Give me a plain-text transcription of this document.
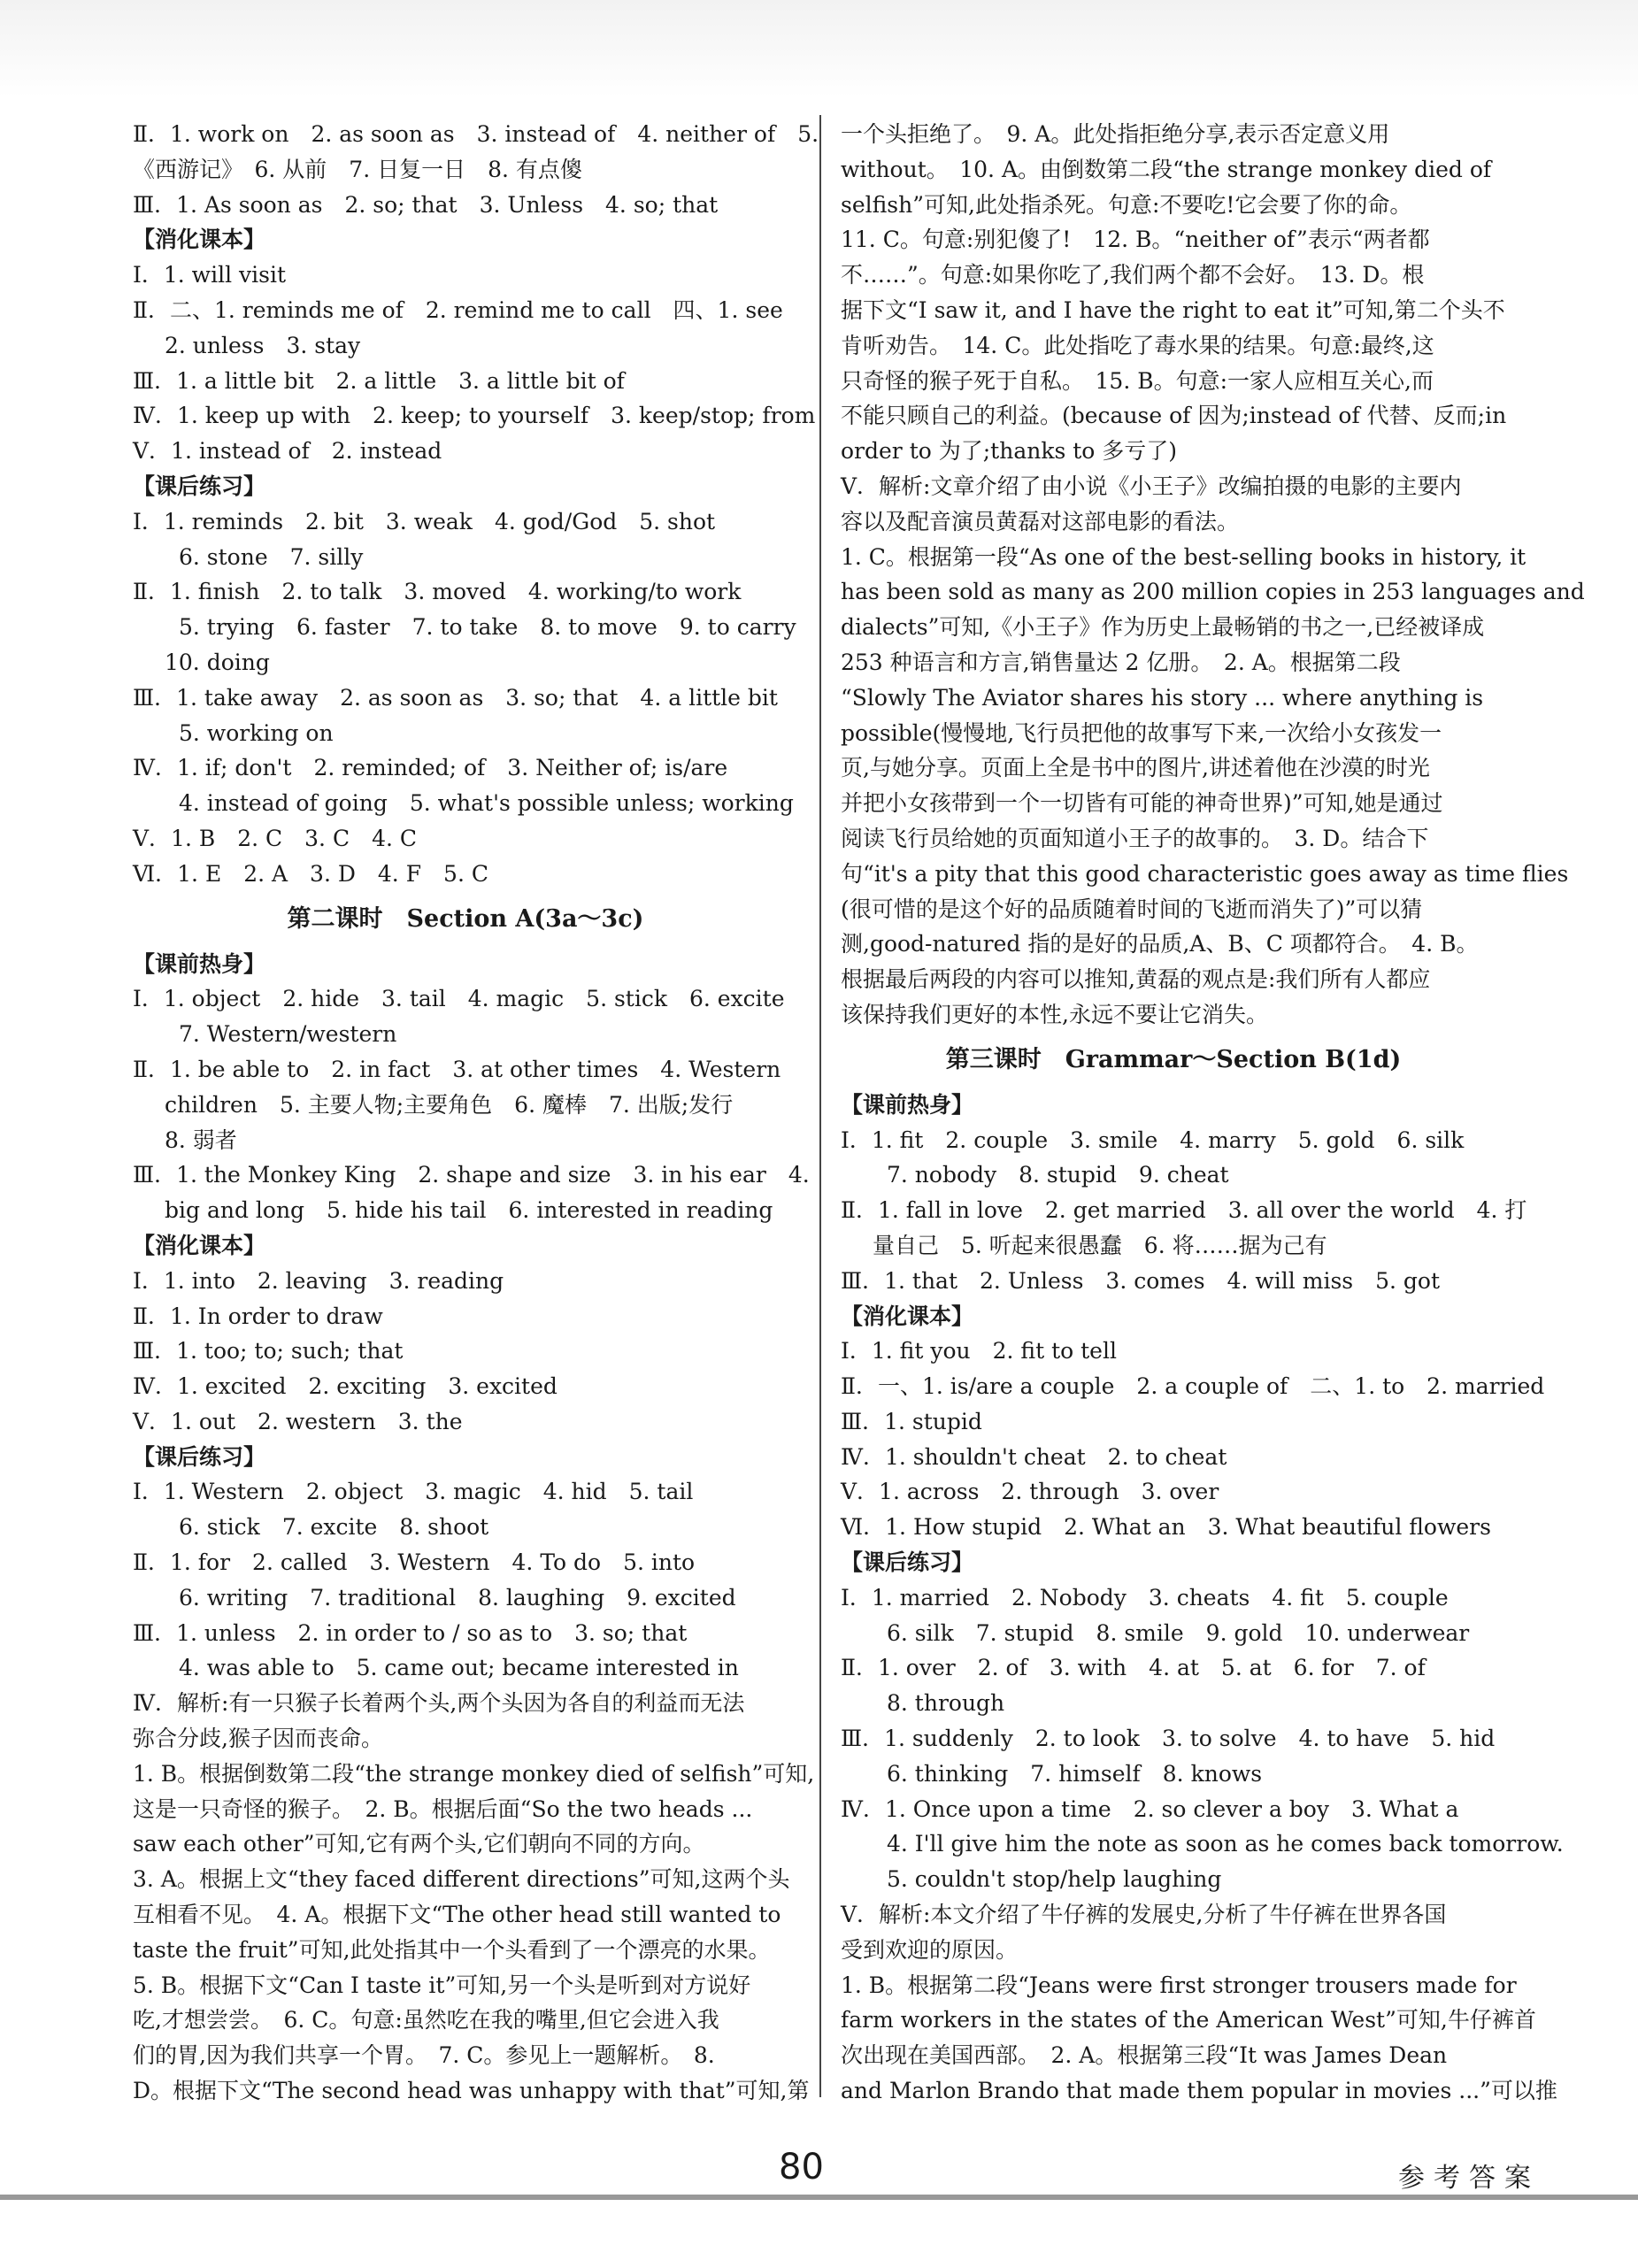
Ⅱ．1. work on　2. as soon as　3. instead of　4. neither of　5.
《西游记》　6. 从前　7. 日复一日　8. 有点傻
Ⅲ．1. As soon as　2. so; that　3. Unless　4. so; that
【消化课本】
Ⅰ．1. will visit
Ⅱ．二、1. reminds me of　2. remind me to call　四、1. see
2. unless　3. stay
Ⅲ．1. a little bit　2. a little　3. a little bit of
Ⅳ．1. keep up with　2. keep; to yourself　3. keep/stop; from
Ⅴ．1. instead of　2. instead
【课后练习】
Ⅰ．1. reminds　2. bit　3. weak　4. god/God　5. shot
6. stone　7. silly
Ⅱ．1. finish　2. to talk　3. moved　4. working/to work
5. trying　6. faster　7. to take　8. to move　9. to carry
10. doing
Ⅲ．1. take away　2. as soon as　3. so; that　4. a little bit
5. working on
Ⅳ．1. if; don't　2. reminded; of　3. Neither of; is/are
4. instead of going　5. what's possible unless; working
Ⅴ．1. B　2. C　3. C　4. C
Ⅵ．1. E　2. A　3. D　4. F　5. C
第二课时　Section A(3a～3c)
【课前热身】
Ⅰ．1. object　2. hide　3. tail　4. magic　5. stick　6. excite
7. Western/western
Ⅱ．1. be able to　2. in fact　3. at other times　4. Western
children　5. 主要人物;主要角色　6. 魔棒　7. 出版;发行
8. 弱者
Ⅲ．1. the Monkey King　2. shape and size　3. in his ear　4.
big and long　5. hide his tail　6. interested in reading
【消化课本】
Ⅰ．1. into　2. leaving　3. reading
Ⅱ．1. In order to draw
Ⅲ．1. too; to; such; that
Ⅳ．1. excited　2. exciting　3. excited
Ⅴ．1. out　2. western　3. the
【课后练习】
Ⅰ．1. Western　2. object　3. magic　4. hid　5. tail
6. stick　7. excite　8. shoot
Ⅱ．1. for　2. called　3. Western　4. To do　5. into
6. writing　7. traditional　8. laughing　9. excited
Ⅲ．1. unless　2. in order to / so as to　3. so; that
4. was able to　5. came out; became interested in
Ⅳ．解析:有一只猴子长着两个头,两个头因为各自的利益而无法
弥合分歧,猴子因而丧命。
1. B。根据倒数第二段“the strange monkey died of selfish”可知,
这是一只奇怪的猴子。　2. B。根据后面“So the two heads ...
saw each other”可知,它有两个头,它们朝向不同的方向。
3. A。根据上文“they faced different directions”可知,这两个头
互相看不见。　4. A。根据下文“The other head still wanted to
taste the fruit”可知,此处指其中一个头看到了一个漂亮的水果。
5. B。根据下文“Can I taste it”可知,另一个头是听到对方说好
吃,才想尝尝。　6. C。句意:虽然吃在我的嘴里,但它会进入我
们的胃,因为我们共享一个胃。　7. C。参见上一题解析。　8.
D。根据下文“The second head was unhappy with that”可知,第
一个头拒绝了。　9. A。此处指拒绝分享,表示否定意义用
without。　10. A。由倒数第二段“the strange monkey died of
selfish”可知,此处指杀死。句意:不要吃!它会要了你的命。
11. C。句意:别犯傻了!　12. B。“neither of”表示“两者都
不……”。句意:如果你吃了,我们两个都不会好。　13. D。根
据下文“I saw it, and I have the right to eat it”可知,第二个头不
肯听劝告。　14. C。此处指吃了毒水果的结果。句意:最终,这
只奇怪的猴子死于自私。　15. B。句意:一家人应相互关心,而
不能只顾自己的利益。(because of 因为;instead of 代替、反而;in
order to 为了;thanks to 多亏了)
Ⅴ．解析:文章介绍了由小说《小王子》改编拍摄的电影的主要内
容以及配音演员黄磊对这部电影的看法。
1. C。根据第一段“As one of the best-selling books in history, it
has been sold as many as 200 million copies in 253 languages and
dialects”可知,《小王子》作为历史上最畅销的书之一,已经被译成
253 种语言和方言,销售量达 2 亿册。　2. A。根据第二段
“Slowly The Aviator shares his story ... where anything is
possible(慢慢地,飞行员把他的故事写下来,一次给小女孩发一
页,与她分享。页面上全是书中的图片,讲述着他在沙漠的时光
并把小女孩带到一个一切皆有可能的神奇世界)”可知,她是通过
阅读飞行员给她的页面知道小王子的故事的。　3. D。结合下
句“it's a pity that this good characteristic goes away as time flies
(很可惜的是这个好的品质随着时间的飞逝而消失了)”可以猜
测,good-natured 指的是好的品质,A、B、C 项都符合。　4. B。
根据最后两段的内容可以推知,黄磊的观点是:我们所有人都应
该保持我们更好的本性,永远不要让它消失。
第三课时　Grammar～Section B(1d)
【课前热身】
Ⅰ．1. fit　2. couple　3. smile　4. marry　5. gold　6. silk
7. nobody　8. stupid　9. cheat
Ⅱ．1. fall in love　2. get married　3. all over the world　4. 打
量自己　5. 听起来很愚蠢　6. 将……据为己有
Ⅲ．1. that　2. Unless　3. comes　4. will miss　5. got
【消化课本】
Ⅰ．1. fit you　2. fit to tell
Ⅱ．一、1. is/are a couple　2. a couple of　二、1. to　2. married
Ⅲ．1. stupid
Ⅳ．1. shouldn't cheat　2. to cheat
Ⅴ．1. across　2. through　3. over
Ⅵ．1. How stupid　2. What an　3. What beautiful flowers
【课后练习】
Ⅰ．1. married　2. Nobody　3. cheats　4. fit　5. couple
6. silk　7. stupid　8. smile　9. gold　10. underwear
Ⅱ．1. over　2. of　3. with　4. at　5. at　6. for　7. of
8. through
Ⅲ．1. suddenly　2. to look　3. to solve　4. to have　5. hid
6. thinking　7. himself　8. knows
Ⅳ．1. Once upon a time　2. so clever a boy　3. What a
4. I'll give him the note as soon as he comes back tomorrow.
5. couldn't stop/help laughing
Ⅴ．解析:本文介绍了牛仔裤的发展史,分析了牛仔裤在世界各国
受到欢迎的原因。
1. B。根据第二段“Jeans were first stronger trousers made for
farm workers in the states of the American West”可知,牛仔裤首
次出现在美国西部。　2. A。根据第三段“It was James Dean
and Marlon Brando that made them popular in movies ...”可以推
80	参考答案
